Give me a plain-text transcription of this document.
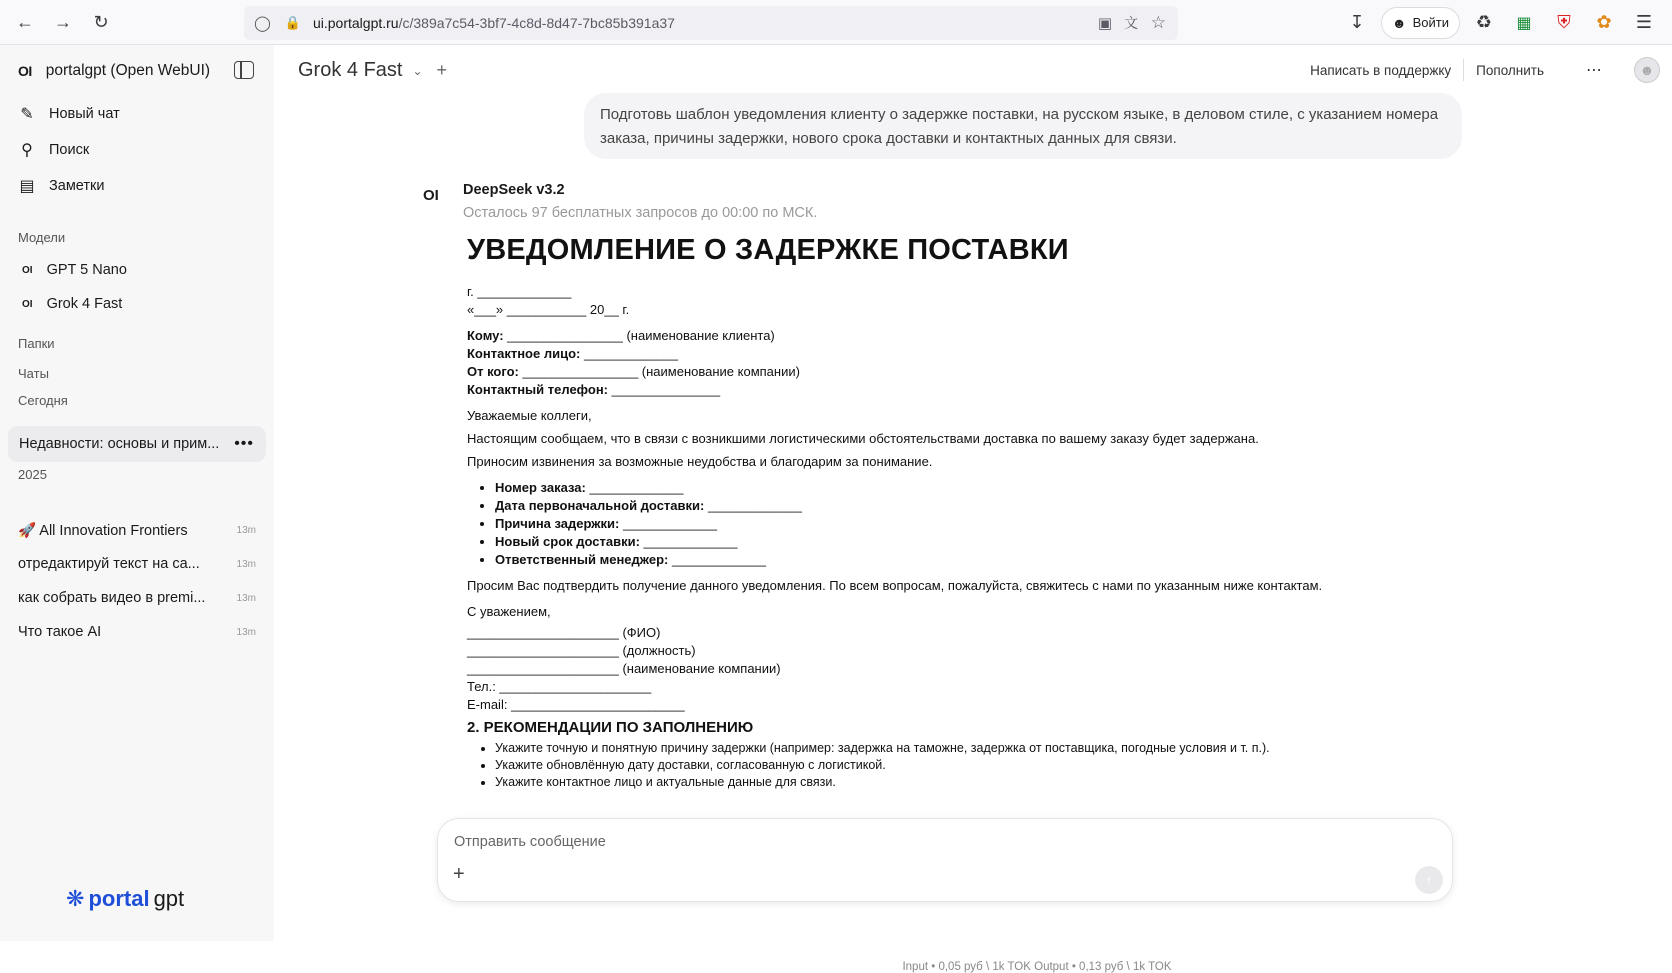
←	→	↻	◯ 🔒 ui.portalgpt.ru /c/389a7c54-3bf7-4c8d-8d47-7bc85b391a37	▣ 文 ☆	↧	☻ Войти	♻	▦	⛨	✿	☰
OI portalgpt (Open WebUI)
✎ Новый чат
⚲ Поиск
▤ Заметки
Модели
OI GPT 5 Nano
OI Grok 4 Fast
Папки
Чаты
Сегодня
Недавности: основы и прим... •••
2025
🚀 All Innovation Frontiers	13m
отредактируй текст на са...	13m
как собрать видео в premi...	13m
Что такое AI	13m
❋ portal gpt
Grok 4 Fast ⌄ +	Написать в поддержку Пополнить	⋯	☻
Подготовь шаблон уведомления клиенту о задержке поставки, на русском языке, в деловом стиле, с указанием номера заказа, причины задержки, нового срока доставки и контактных данных для связи.
OI DeepSeek v3.2
Осталось 97 бесплатных запросов до 00:00 по МСК.
УВЕДОМЛЕНИЕ О ЗАДЕРЖКЕ ПОСТАВКИ
г. _____________
«___» ___________ 20__ г.
Кому: ________________ (наименование клиента)
Контактное лицо: _____________
От кого: ________________ (наименование компании)
Контактный телефон: _______________
Уважаемые коллеги,
Настоящим сообщаем, что в связи с возникшими логистическими обстоятельствами доставка по вашему заказу будет задержана.
Приносим извинения за возможные неудобства и благодарим за понимание.
• Номер заказа: _____________
• Дата первоначальной доставки: _____________
• Причина задержки: _____________
• Новый срок доставки: _____________
• Ответственный менеджер: _____________
Просим Вас подтвердить получение данного уведомления. По всем вопросам, пожалуйста, свяжитесь с нами по указанным ниже контактам.
С уважением,
_____________________ (ФИО)
_____________________ (должность)
_____________________ (наименование компании)
Тел.: _____________________
E-mail: ________________________
2. РЕКОМЕНДАЦИИ ПО ЗАПОЛНЕНИЮ
• Укажите точную и понятную причину задержки (например: задержка на таможне, задержка от поставщика, погодные условия и т. п.).
• Укажите обновлённую дату доставки, согласованную с логистикой.
• Укажите контактное лицо и актуальные данные для связи.
Отправить сообщение
+	↑
Input • 0,05 руб \ 1k TOK Output • 0,13 руб \ 1k TOK
